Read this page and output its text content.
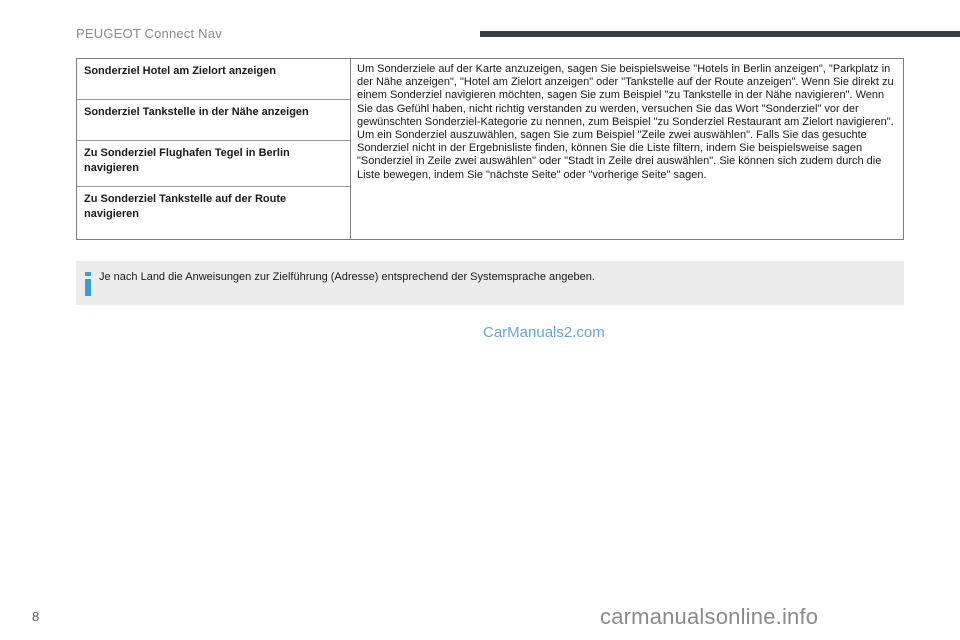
PEUGEOT Connect Nav
Sonderziel Hotel am Zielort anzeigen
Sonderziel Tankstelle in der Nähe anzeigen
Zu Sonderziel Flughafen Tegel in Berlin navigieren
Zu Sonderziel Tankstelle auf der Route navigieren

Um Sonderziele auf der Karte anzuzeigen, sagen Sie beispielsweise "Hotels in Berlin anzeigen", "Parkplatz in der Nähe anzeigen", "Hotel am Zielort anzeigen" oder "Tankstelle auf der Route anzeigen". Wenn Sie direkt zu einem Sonderziel navigieren möchten, sagen Sie zum Beispiel "zu Tankstelle in der Nähe navigieren". Wenn Sie das Gefühl haben, nicht richtig verstanden zu werden, versuchen Sie das Wort "Sonderziel" vor der gewünschten Sonderziel-Kategorie zu nennen, zum Beispiel "zu Sonderziel Restaurant am Zielort navigieren".

Um ein Sonderziel auszuwählen, sagen Sie zum Beispiel "Zeile zwei auswählen". Falls Sie das gesuchte Sonderziel nicht in der Ergebnisliste finden, können Sie die Liste filtern, indem Sie beispielsweise sagen "Sonderziel in Zeile zwei auswählen" oder "Stadt in Zeile drei auswählen". Sie können sich zudem durch die Liste bewegen, indem Sie "nächste Seite" oder "vorherige Seite" sagen.

Je nach Land die Anweisungen zur Zielführung (Adresse) entsprechend der Systemsprache angeben.
CarManuals2.com
8	carmanualsonline.info
